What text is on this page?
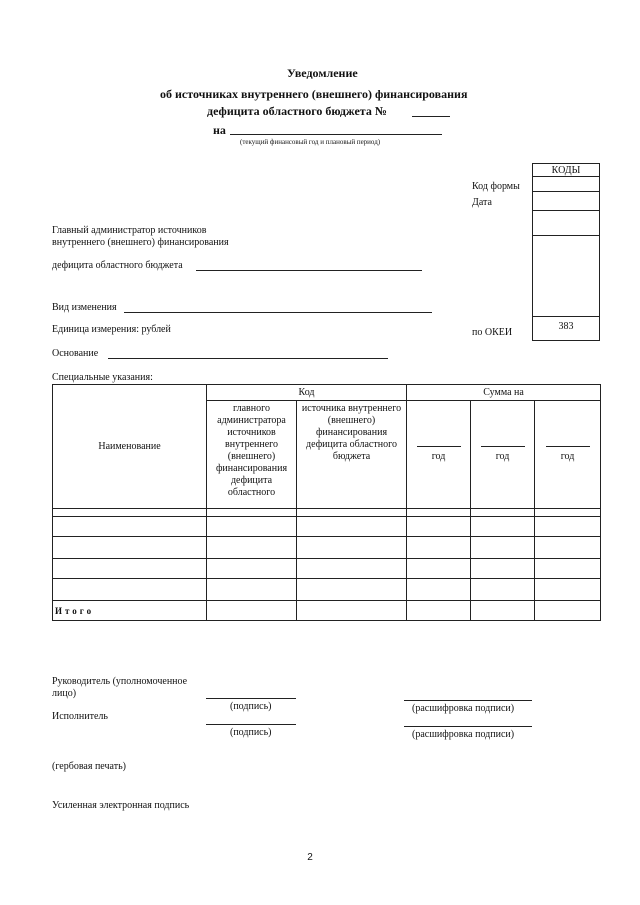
Уведомление
об источниках внутреннего (внешнего) финансирования
дефицита областного бюджета №
на
(текущий финансовый год и плановый период)
КОДЫ
Код формы
Дата
по ОКЕИ
383
Главный администратор источников
внутреннего (внешнего) финансирования
дефицита областного бюджета
Вид изменения
Единица измерения: рублей
Основание
Специальные указания:
Наименование	Код		Сумма на		
	главного администратора источников внутреннего (внешнего) финансирования дефицита областного	источника внутреннего (внешнего) финансирования дефицита областного бюджета	год	год	год

Итого					
Руководитель (уполномоченное
лицо)
(подпись)	(расшифровка подписи)
Исполнитель
(подпись)	(расшифровка подписи)
(гербовая печать)
Усиленная электронная подпись
2
